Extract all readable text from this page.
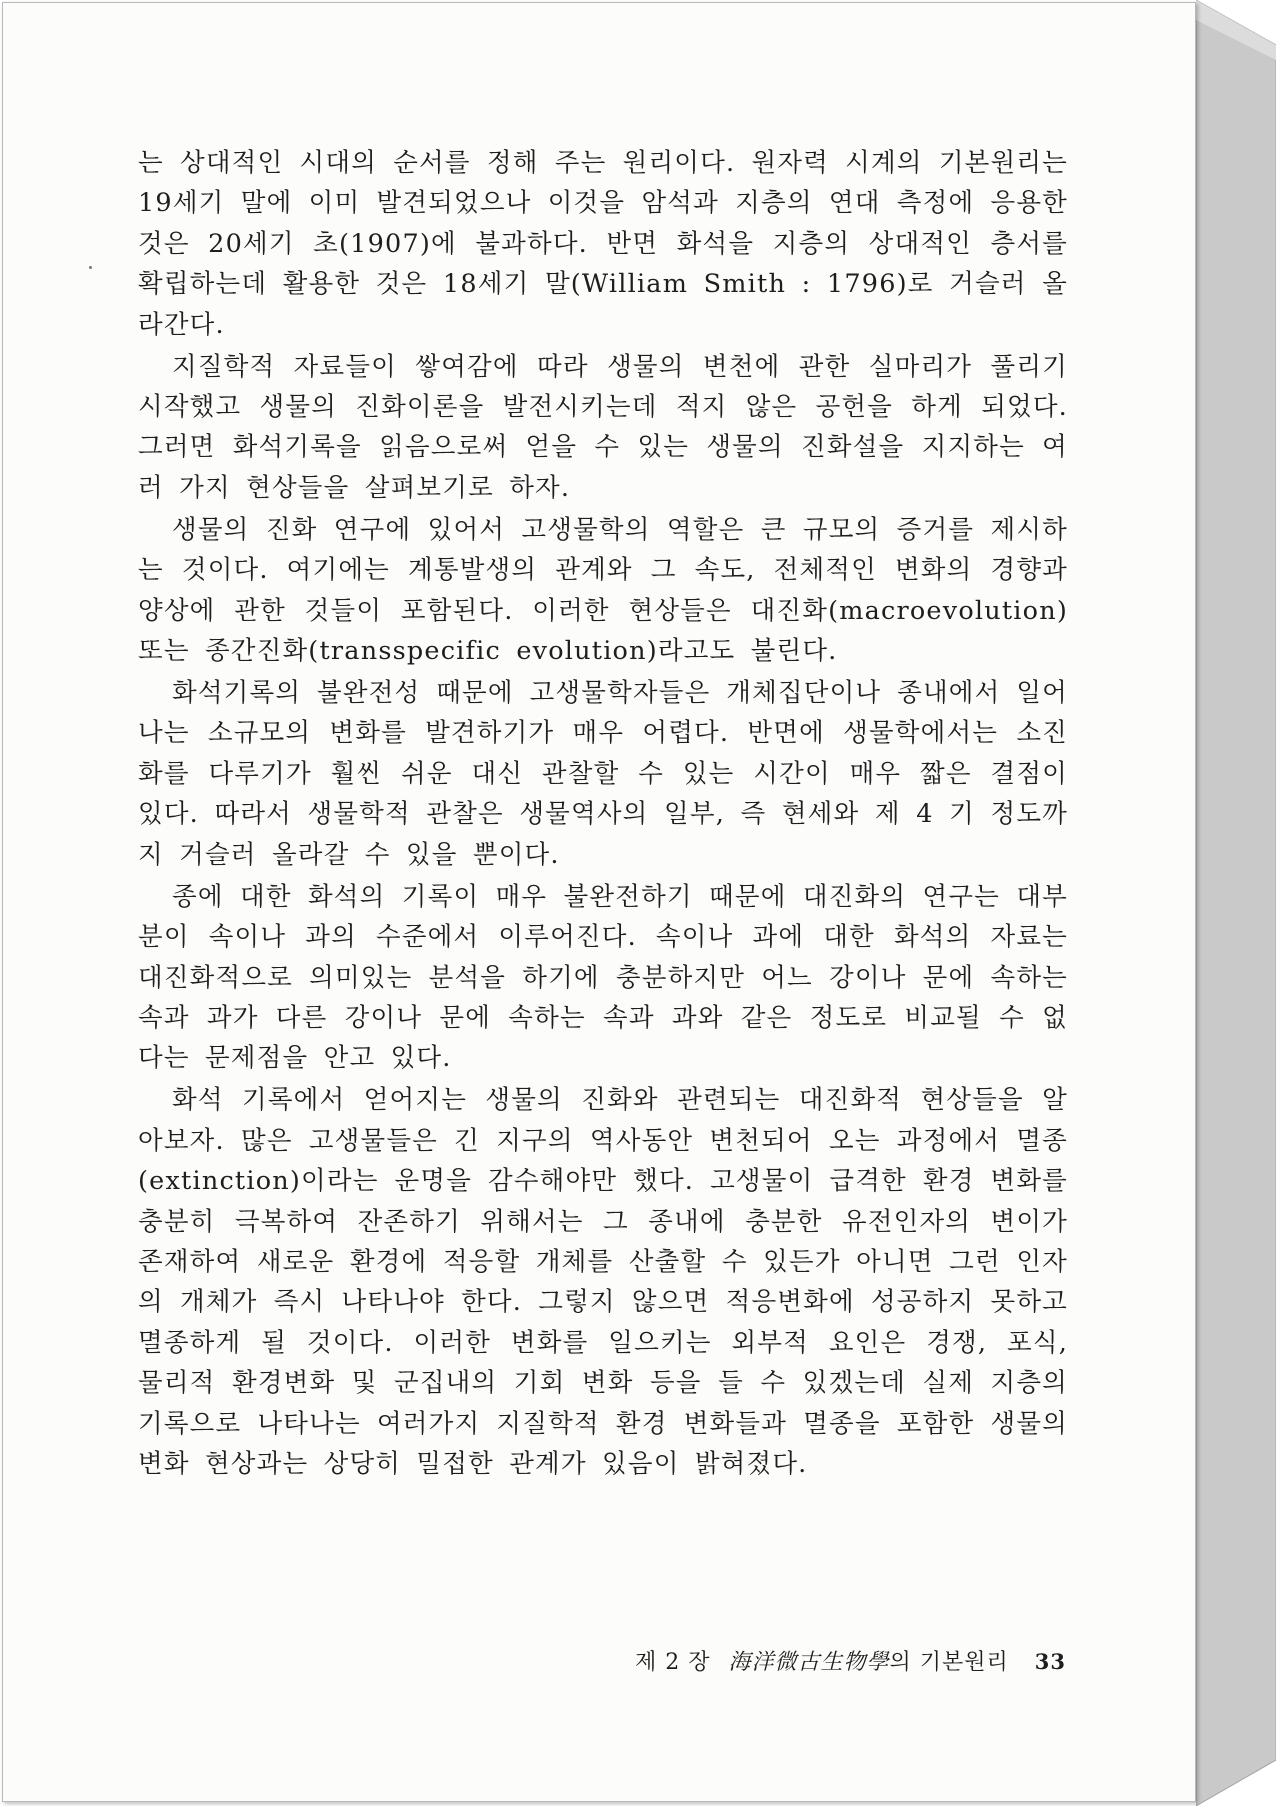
는 상대적인 시대의 순서를 정해 주는 원리이다. 원자력 시계의 기본원리는 19세기 말에 이미 발견되었으나 이것을 암석과 지층의 연대 측정에 응용한 것은 20세기 초(1907)에 불과하다. 반면 화석을 지층의 상대적인 층서를 확립하는데 활용한 것은 18세기 말(William Smith : 1796)로 거슬러 올라간다.

지질학적 자료들이 쌓여감에 따라 생물의 변천에 관한 실마리가 풀리기 시작했고 생물의 진화이론을 발전시키는데 적지 않은 공헌을 하게 되었다. 그러면 화석기록을 읽음으로써 얻을 수 있는 생물의 진화설을 지지하는 여러 가지 현상들을 살펴보기로 하자.

생물의 진화 연구에 있어서 고생물학의 역할은 큰 규모의 증거를 제시하는 것이다. 여기에는 계통발생의 관계와 그 속도, 전체적인 변화의 경향과 양상에 관한 것들이 포함된다. 이러한 현상들은 대진화(macroevolution) 또는 종간진화(transspecific evolution)라고도 불린다.

화석기록의 불완전성 때문에 고생물학자들은 개체집단이나 종내에서 일어나는 소규모의 변화를 발견하기가 매우 어렵다. 반면에 생물학에서는 소진화를 다루기가 훨씬 쉬운 대신 관찰할 수 있는 시간이 매우 짧은 결점이 있다. 따라서 생물학적 관찰은 생물역사의 일부, 즉 현세와 제 4 기 정도까지 거슬러 올라갈 수 있을 뿐이다.

종에 대한 화석의 기록이 매우 불완전하기 때문에 대진화의 연구는 대부분이 속이나 과의 수준에서 이루어진다. 속이나 과에 대한 화석의 자료는 대진화적으로 의미있는 분석을 하기에 충분하지만 어느 강이나 문에 속하는 속과 과가 다른 강이나 문에 속하는 속과 과와 같은 정도로 비교될 수 없다는 문제점을 안고 있다.

화석 기록에서 얻어지는 생물의 진화와 관련되는 대진화적 현상들을 알아보자. 많은 고생물들은 긴 지구의 역사동안 변천되어 오는 과정에서 멸종(extinction)이라는 운명을 감수해야만 했다. 고생물이 급격한 환경 변화를 충분히 극복하여 잔존하기 위해서는 그 종내에 충분한 유전인자의 변이가 존재하여 새로운 환경에 적응할 개체를 산출할 수 있든가 아니면 그런 인자의 개체가 즉시 나타나야 한다. 그렇지 않으면 적응변화에 성공하지 못하고 멸종하게 될 것이다. 이러한 변화를 일으키는 외부적 요인은 경쟁, 포식, 물리적 환경변화 및 군집내의 기회 변화 등을 들 수 있겠는데 실제 지층의 기록으로 나타나는 여러가지 지질학적 환경 변화들과 멸종을 포함한 생물의 변화 현상과는 상당히 밀접한 관계가 있음이 밝혀졌다.

제 2 장 海洋微古生物學 의 기본원리 33
